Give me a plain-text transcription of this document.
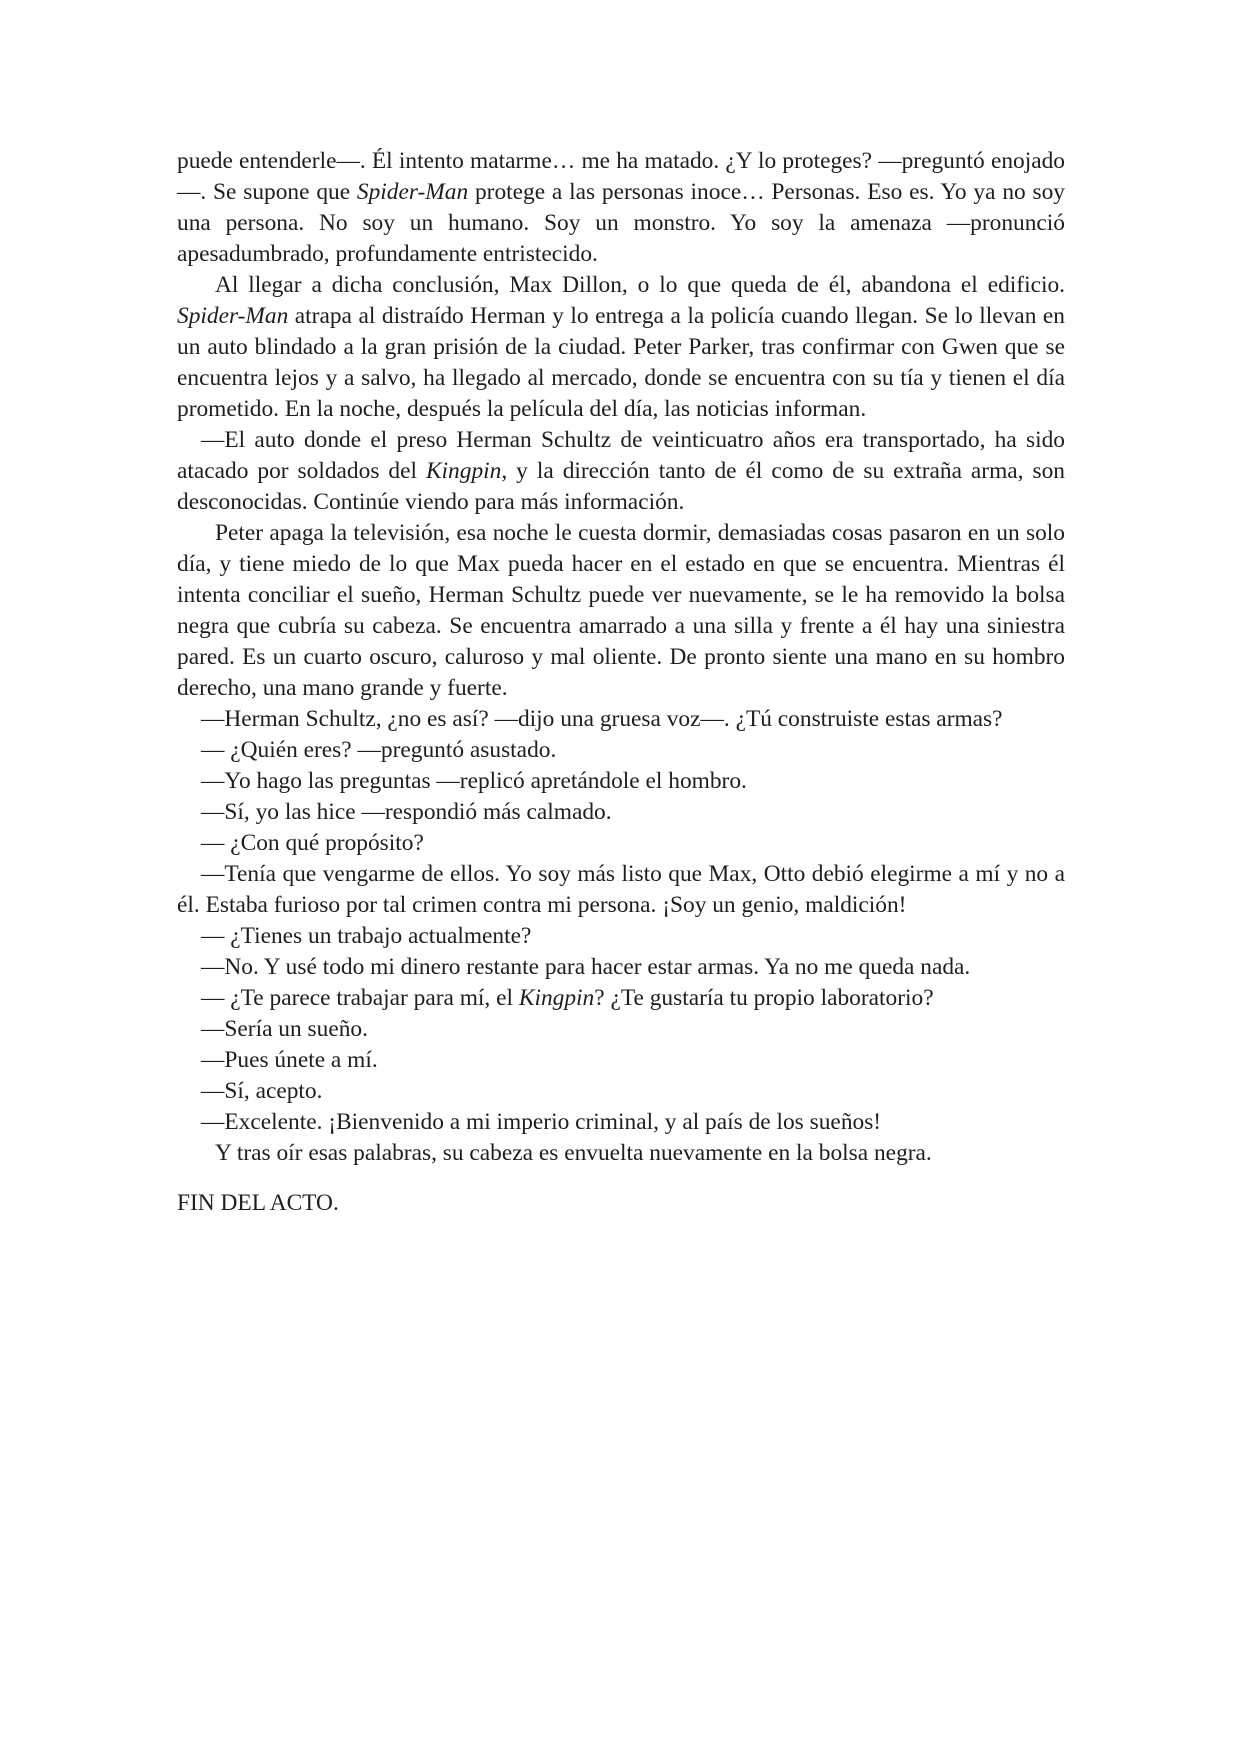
puede entenderle—. Él intento matarme… me ha matado. ¿Y lo proteges? —preguntó enojado—. Se supone que Spider-Man protege a las personas inoce… Personas. Eso es. Yo ya no soy una persona. No soy un humano. Soy un monstro. Yo soy la amenaza —pronunció apesadumbrado, profundamente entristecido.

Al llegar a dicha conclusión, Max Dillon, o lo que queda de él, abandona el edificio. Spider-Man atrapa al distraído Herman y lo entrega a la policía cuando llegan. Se lo llevan en un auto blindado a la gran prisión de la ciudad. Peter Parker, tras confirmar con Gwen que se encuentra lejos y a salvo, ha llegado al mercado, donde se encuentra con su tía y tienen el día prometido. En la noche, después la película del día, las noticias informan.

—El auto donde el preso Herman Schultz de veinticuatro años era transportado, ha sido atacado por soldados del Kingpin, y la dirección tanto de él como de su extraña arma, son desconocidas. Continúe viendo para más información.

Peter apaga la televisión, esa noche le cuesta dormir, demasiadas cosas pasaron en un solo día, y tiene miedo de lo que Max pueda hacer en el estado en que se encuentra. Mientras él intenta conciliar el sueño, Herman Schultz puede ver nuevamente, se le ha removido la bolsa negra que cubría su cabeza. Se encuentra amarrado a una silla y frente a él hay una siniestra pared. Es un cuarto oscuro, caluroso y mal oliente. De pronto siente una mano en su hombro derecho, una mano grande y fuerte.

—Herman Schultz, ¿no es así? —dijo una gruesa voz—. ¿Tú construiste estas armas?

— ¿Quién eres? —preguntó asustado.

—Yo hago las preguntas —replicó apretándole el hombro.

—Sí, yo las hice —respondió más calmado.

— ¿Con qué propósito?

—Tenía que vengarme de ellos. Yo soy más listo que Max, Otto debió elegirme a mí y no a él. Estaba furioso por tal crimen contra mi persona. ¡Soy un genio, maldición!

— ¿Tienes un trabajo actualmente?

—No. Y usé todo mi dinero restante para hacer estar armas. Ya no me queda nada.

— ¿Te parece trabajar para mí, el Kingpin? ¿Te gustaría tu propio laboratorio?

—Sería un sueño.

—Pues únete a mí.

—Sí, acepto.

—Excelente. ¡Bienvenido a mi imperio criminal, y al país de los sueños!

Y tras oír esas palabras, su cabeza es envuelta nuevamente en la bolsa negra.

FIN DEL ACTO.
